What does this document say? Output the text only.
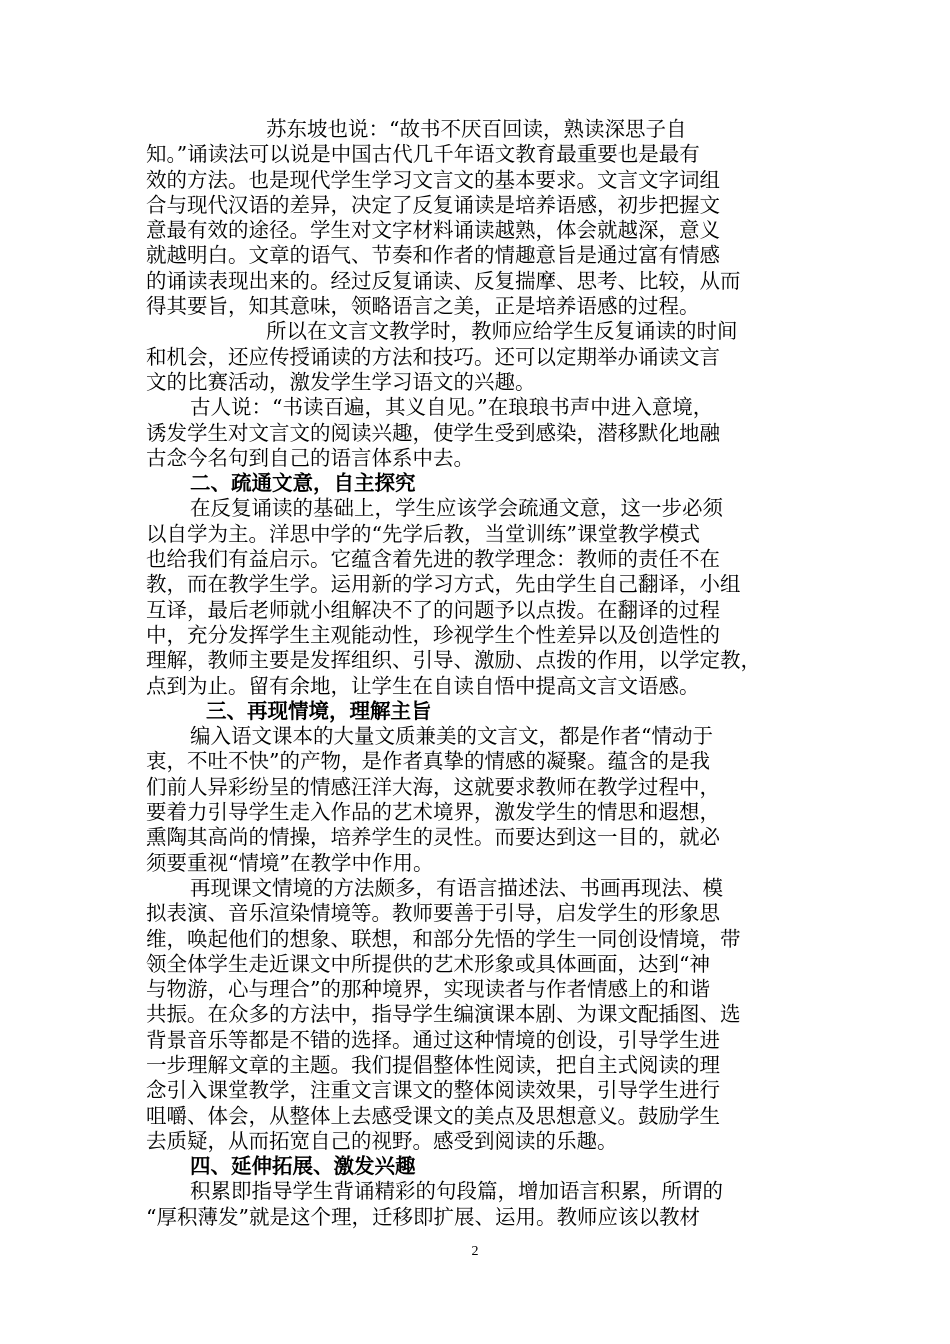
苏东坡也说：“故书不厌百回读，熟读深思子自
知。”诵读法可以说是中国古代几千年语文教育最重要也是最有
效的方法。也是现代学生学习文言文的基本要求。文言文字词组
合与现代汉语的差异，决定了反复诵读是培养语感，初步把握文
意最有效的途径。学生对文字材料诵读越熟，体会就越深，意义
就越明白。文章的语气、节奏和作者的情趣意旨是通过富有情感
的诵读表现出来的。经过反复诵读、反复揣摩、思考、比较，从而
得其要旨，知其意味，领略语言之美，正是培养语感的过程。
所以在文言文教学时，教师应给学生反复诵读的时间
和机会，还应传授诵读的方法和技巧。还可以定期举办诵读文言
文的比赛活动，激发学生学习语文的兴趣。
古人说：“书读百遍，其义自见。”在琅琅书声中进入意境，
诱发学生对文言文的阅读兴趣，使学生受到感染，潜移默化地融
古念今名句到自己的语言体系中去。
二、疏通文意，自主探究
在反复诵读的基础上，学生应该学会疏通文意，这一步必须
以自学为主。洋思中学的“先学后教，当堂训练”课堂教学模式
也给我们有益启示。它蕴含着先进的教学理念：教师的责任不在
教，而在教学生学。运用新的学习方式，先由学生自己翻译，小组
互译，最后老师就小组解决不了的问题予以点拨。在翻译的过程
中，充分发挥学生主观能动性，珍视学生个性差异以及创造性的
理解，教师主要是发挥组织、引导、激励、点拨的作用，以学定教，
点到为止。留有余地，让学生在自读自悟中提高文言文语感。
三、再现情境，理解主旨
编入语文课本的大量文质兼美的文言文，都是作者“情动于
衷，不吐不快”的产物，是作者真挚的情感的凝聚。蕴含的是我
们前人异彩纷呈的情感汪洋大海，这就要求教师在教学过程中，
要着力引导学生走入作品的艺术境界，激发学生的情思和遐想，
熏陶其高尚的情操，培养学生的灵性。而要达到这一目的，就必
须要重视“情境”在教学中作用。
再现课文情境的方法颇多，有语言描述法、书画再现法、模
拟表演、音乐渲染情境等。教师要善于引导，启发学生的形象思
维，唤起他们的想象、联想，和部分先悟的学生一同创设情境，带
领全体学生走近课文中所提供的艺术形象或具体画面，达到“神
与物游，心与理合”的那种境界，实现读者与作者情感上的和谐
共振。在众多的方法中，指导学生编演课本剧、为课文配插图、选
背景音乐等都是不错的选择。通过这种情境的创设，引导学生进
一步理解文章的主题。我们提倡整体性阅读，把自主式阅读的理
念引入课堂教学，注重文言课文的整体阅读效果，引导学生进行
咀嚼、体会，从整体上去感受课文的美点及思想意义。鼓励学生
去质疑，从而拓宽自己的视野。感受到阅读的乐趣。
四、延伸拓展、激发兴趣
积累即指导学生背诵精彩的句段篇，增加语言积累，所谓的
“厚积薄发”就是这个理，迁移即扩展、运用。教师应该以教材
2
